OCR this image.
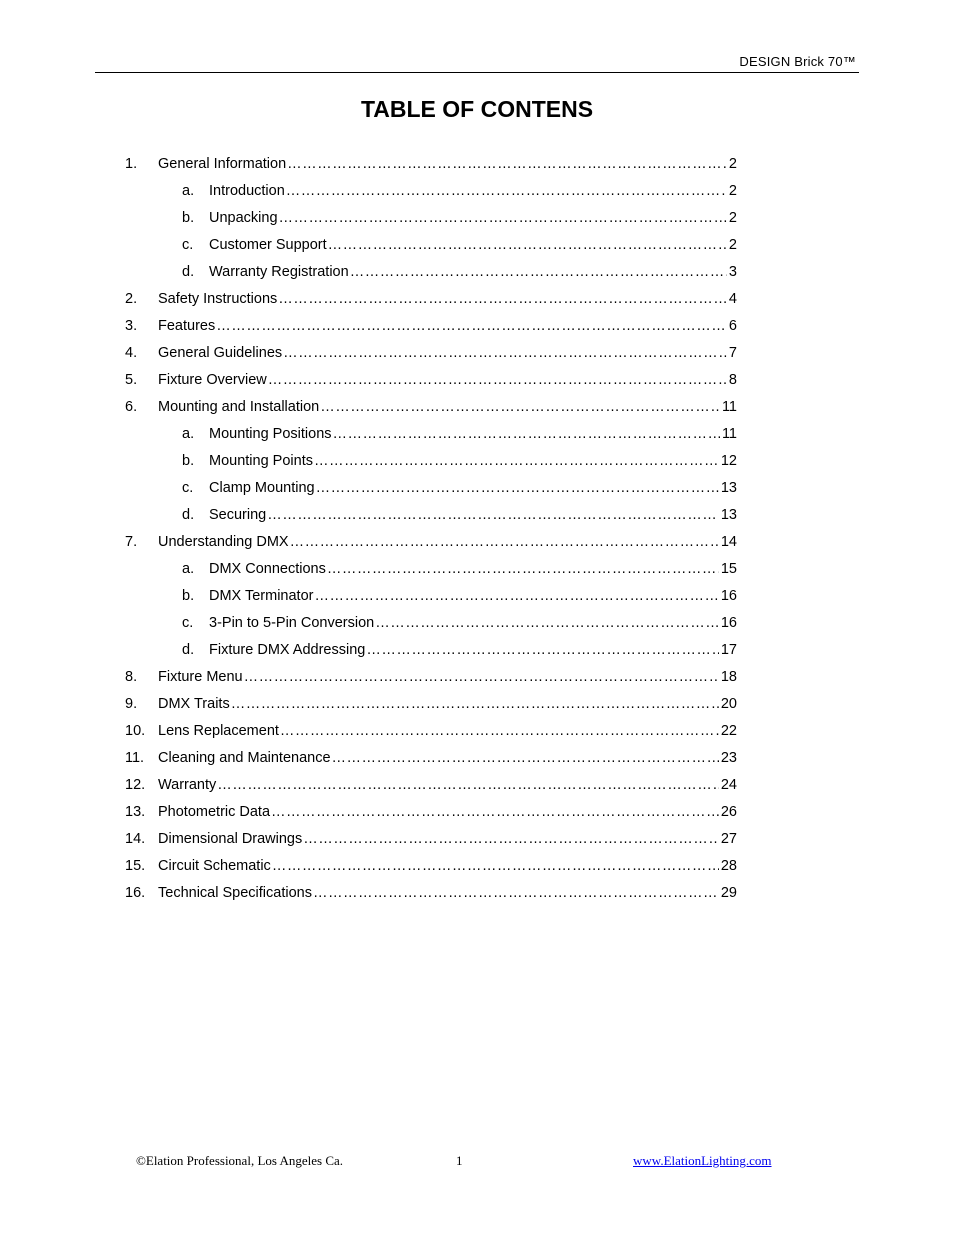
DESIGN Brick 70™
TABLE OF CONTENS
1.	General Information ………………………………………………………………………………………………………………………………………………………………………………………	2
a.	Introduction ………………………………………………………………………………………………………………………………………………………………………………………	2
b.	Unpacking ………………………………………………………………………………………………………………………………………………………………………………………	2
c.	Customer Support ………………………………………………………………………………………………………………………………………………………………………………………	2
d.	Warranty Registration ………………………………………………………………………………………………………………………………………………………………………………………	3
2.	Safety Instructions ………………………………………………………………………………………………………………………………………………………………………………………	4
3.	Features ………………………………………………………………………………………………………………………………………………………………………………………	6
4.	General Guidelines ………………………………………………………………………………………………………………………………………………………………………………………	7
5.	Fixture Overview ………………………………………………………………………………………………………………………………………………………………………………………	8
6.	Mounting and Installation ………………………………………………………………………………………………………………………………………………………………………………………	11
a.	Mounting Positions ………………………………………………………………………………………………………………………………………………………………………………………	11
b.	Mounting Points ………………………………………………………………………………………………………………………………………………………………………………………	12
c.	Clamp Mounting ………………………………………………………………………………………………………………………………………………………………………………………	13
d.	Securing ………………………………………………………………………………………………………………………………………………………………………………………	13
7.	Understanding DMX ………………………………………………………………………………………………………………………………………………………………………………………	14
a.	DMX Connections ………………………………………………………………………………………………………………………………………………………………………………………	15
b.	DMX Terminator ………………………………………………………………………………………………………………………………………………………………………………………	16
c.	3-Pin to 5-Pin Conversion ………………………………………………………………………………………………………………………………………………………………………………………	16
d.	Fixture DMX Addressing ………………………………………………………………………………………………………………………………………………………………………………………	17
8.	Fixture Menu ………………………………………………………………………………………………………………………………………………………………………………………	18
9.	DMX Traits ………………………………………………………………………………………………………………………………………………………………………………………	20
10. Lens Replacement ………………………………………………………………………………………………………………………………………………………………………………………	22
11. Cleaning and Maintenance ………………………………………………………………………………………………………………………………………………………………………………………	23
12. Warranty ………………………………………………………………………………………………………………………………………………………………………………………	24
13. Photometric Data ………………………………………………………………………………………………………………………………………………………………………………………	26
14. Dimensional Drawings ………………………………………………………………………………………………………………………………………………………………………………………	27
15. Circuit Schematic ………………………………………………………………………………………………………………………………………………………………………………………	28
16. Technical Specifications ………………………………………………………………………………………………………………………………………………………………………………………	29
©Elation Professional, Los Angeles Ca.	1	www.ElationLighting.com
